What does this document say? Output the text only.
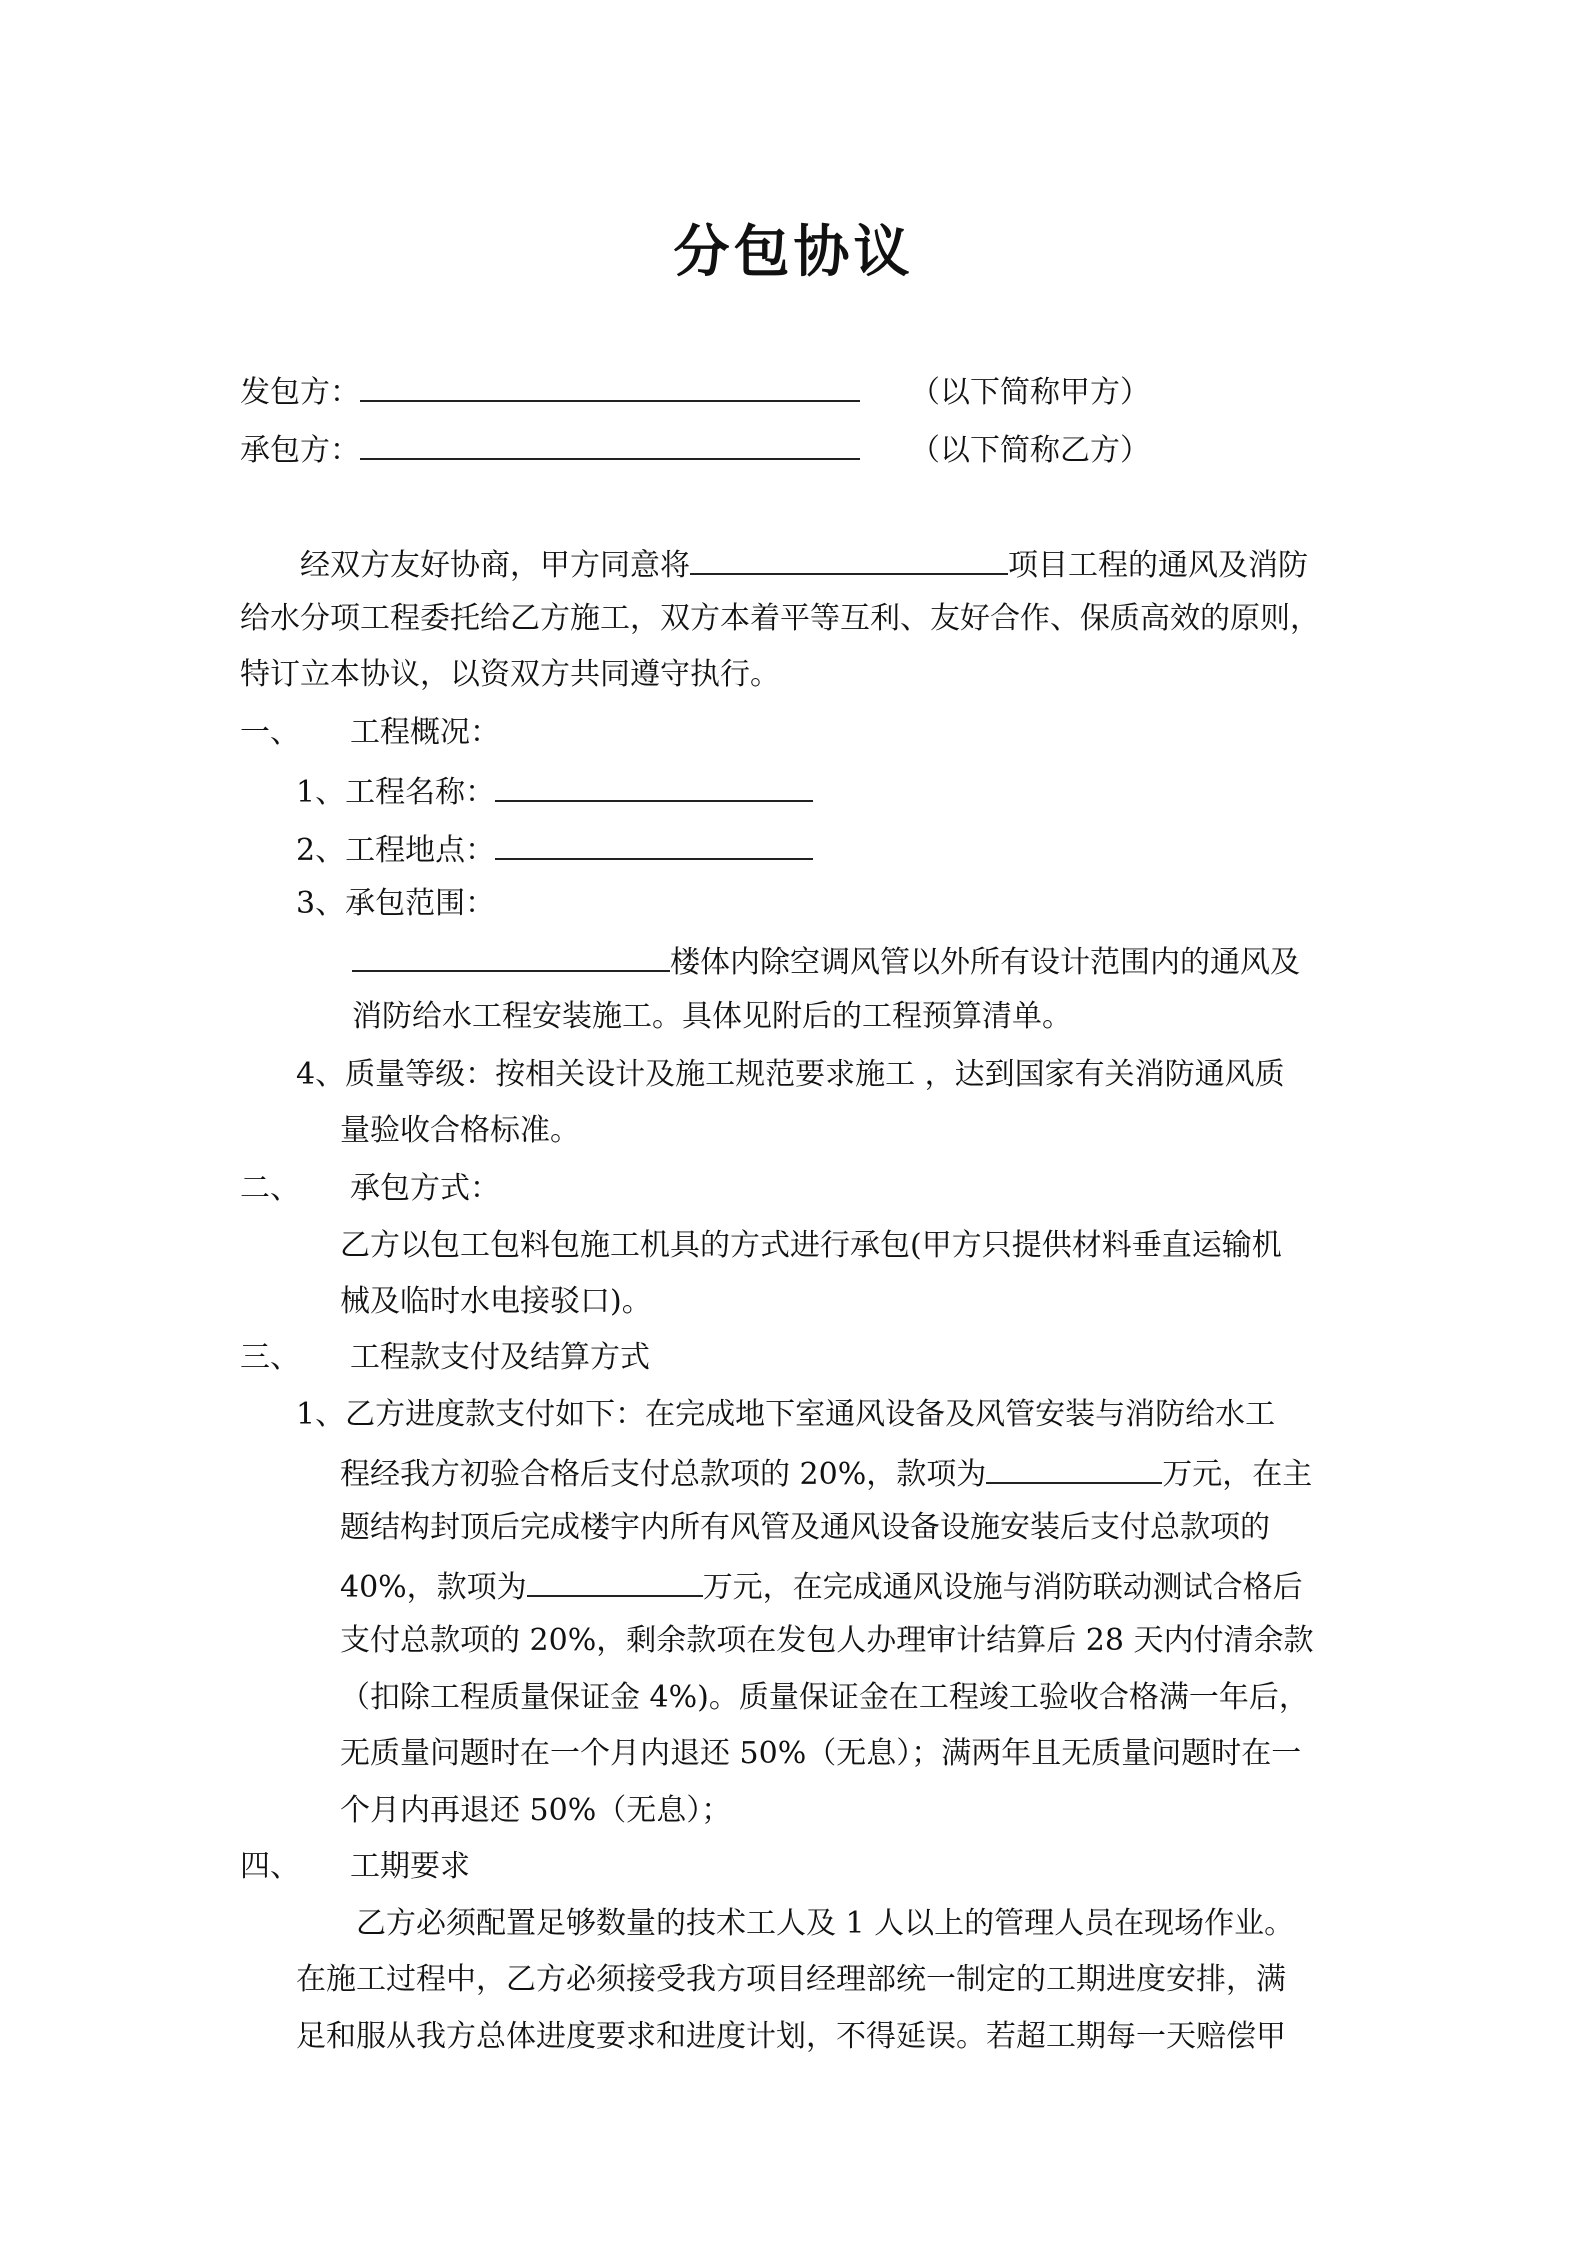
分包协议
发包方：	（以下简称甲方）
承包方：	（以下简称乙方）
经双方友好协商，甲方同意将	项目工程的通风及消防
给水分项工程委托给乙方施工，双方本着平等互利、友好合作、保质高效的原则，
特订立本协议，以资双方共同遵守执行。
一、 工程概况：
1、工程名称：
2、工程地点：
3、承包范围：
楼体内除空调风管以外所有设计范围内的通风及
消防给水工程安装施工。具体见附后的工程预算清单。
4、质量等级：按相关设计及施工规范要求施工 ，达到国家有关消防通风质
量验收合格标准。
二、 承包方式：
乙方以包工包料包施工机具的方式进行承包(甲方只提供材料垂直运输机
械及临时水电接驳口)。
三、 工程款支付及结算方式
1、乙方进度款支付如下：在完成地下室通风设备及风管安装与消防给水工
程经我方初验合格后支付总款项的 20%，款项为	万元，在主
题结构封顶后完成楼宇内所有风管及通风设备设施安装后支付总款项的
40%，款项为	万元，在完成通风设施与消防联动测试合格后
支付总款项的 20%，剩余款项在发包人办理审计结算后 28 天内付清余款
（扣除工程质量保证金 4%)。质量保证金在工程竣工验收合格满一年后，
无质量问题时在一个月内退还 50%（无息）；满两年且无质量问题时在一
个月内再退还 50%（无息）；
四、 工期要求
乙方必须配置足够数量的技术工人及 1 人以上的管理人员在现场作业。
在施工过程中，乙方必须接受我方项目经理部统一制定的工期进度安排，满
足和服从我方总体进度要求和进度计划，不得延误。若超工期每一天赔偿甲
